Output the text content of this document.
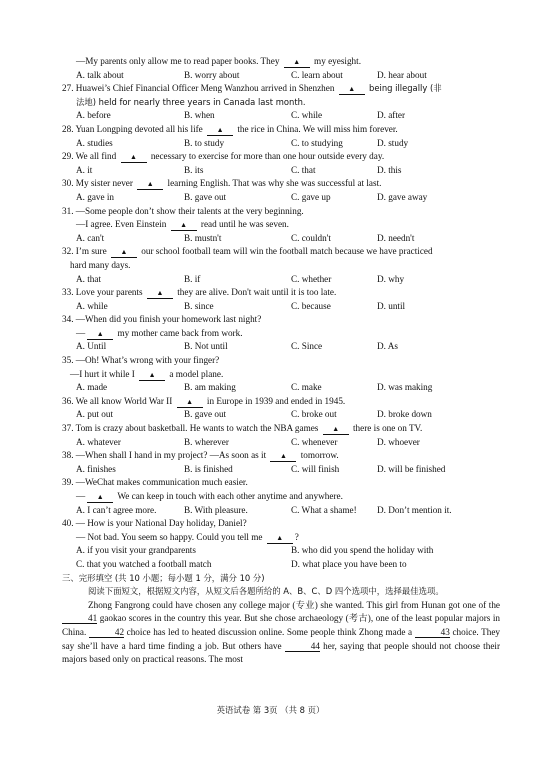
—My parents only allow me to read paper books. They ▲ my eyesight.
A. talk about	B. worry about	C. learn about	D. hear about
27. Huawei’s Chief Financial Officer Meng Wanzhou arrived in Shenzhen ▲ being illegally (非
法地) held for nearly three years in Canada last month.
A. before	B. when	C. while	D. after
28. Yuan Longping devoted all his life ▲ the rice in China. We will miss him forever.
A. studies	B. to study	C. to studying	D. study
29. We all find ▲ necessary to exercise for more than one hour outside every day.
A. it	B. its	C. that	D. this
30. My sister never ▲ learning English. That was why she was successful at last.
A. gave in	B. gave out	C. gave up	D. gave away
31. —Some people don’t show their talents at the very beginning.
—I agree. Even Einstein ▲ read until he was seven.
A. can't	B. mustn't	C. couldn't	D. needn't
32. I’m sure ▲ our school football team will win the football match because we have practiced
hard many days.
A. that	B. if	C. whether	D. why
33. Love your parents ▲ they are alive. Don't wait until it is too late.
A. while	B. since	C. because	D. until
34. —When did you finish your homework last night?
— ▲ my mother came back from work.
A. Until	B. Not until	C. Since	D. As
35. —Oh! What’s wrong with your finger?
—I hurt it while I ▲ a model plane.
A. made	B. am making	C. make	D. was making
36. We all know World War II ▲ in Europe in 1939 and ended in 1945.
A. put out	B. gave out	C. broke out	D. broke down
37. Tom is crazy about basketball. He wants to watch the NBA games ▲ there is one on TV.
A. whatever	B. wherever	C. whenever	D. whoever
38. —When shall I hand in my project? —As soon as it ▲ tomorrow.
A. finishes	B. is finished	C. will finish	D. will be finished
39. —WeChat makes communication much easier.
— ▲ We can keep in touch with each other anytime and anywhere.
A. I can’t agree more.	B. With pleasure.	C. What a shame!	D. Don’t mention it.
40. — How is your National Day holiday, Daniel?
— Not bad. You seem so happy. Could you tell me ▲ ?
A. if you visit your grandparents	B. who did you spend the holiday with
C. that you watched a football match	D. what place you have been to
三、完形填空 (共 10 小题；每小题 1 分，满分 10 分)
阅读下面短文，根据短文内容，从短文后各题所给的 A、B、C、D 四个选项中，选择最佳选项。
Zhong Fangrong could have chosen any college major (专业) she wanted. This girl from Hunan got one of the 41 gaokao scores in the country this year. But she chose archaeology (考古), one of the least popular majors in China.	42 choice has led to heated discussion online. Some people think Zhong made a	43 choice. They say she’ll have a hard time finding a job. But others have	44 her, saying that people should not choose their majors based only on practical reasons. The most
英语试卷 第 3页 （共 8 页）
